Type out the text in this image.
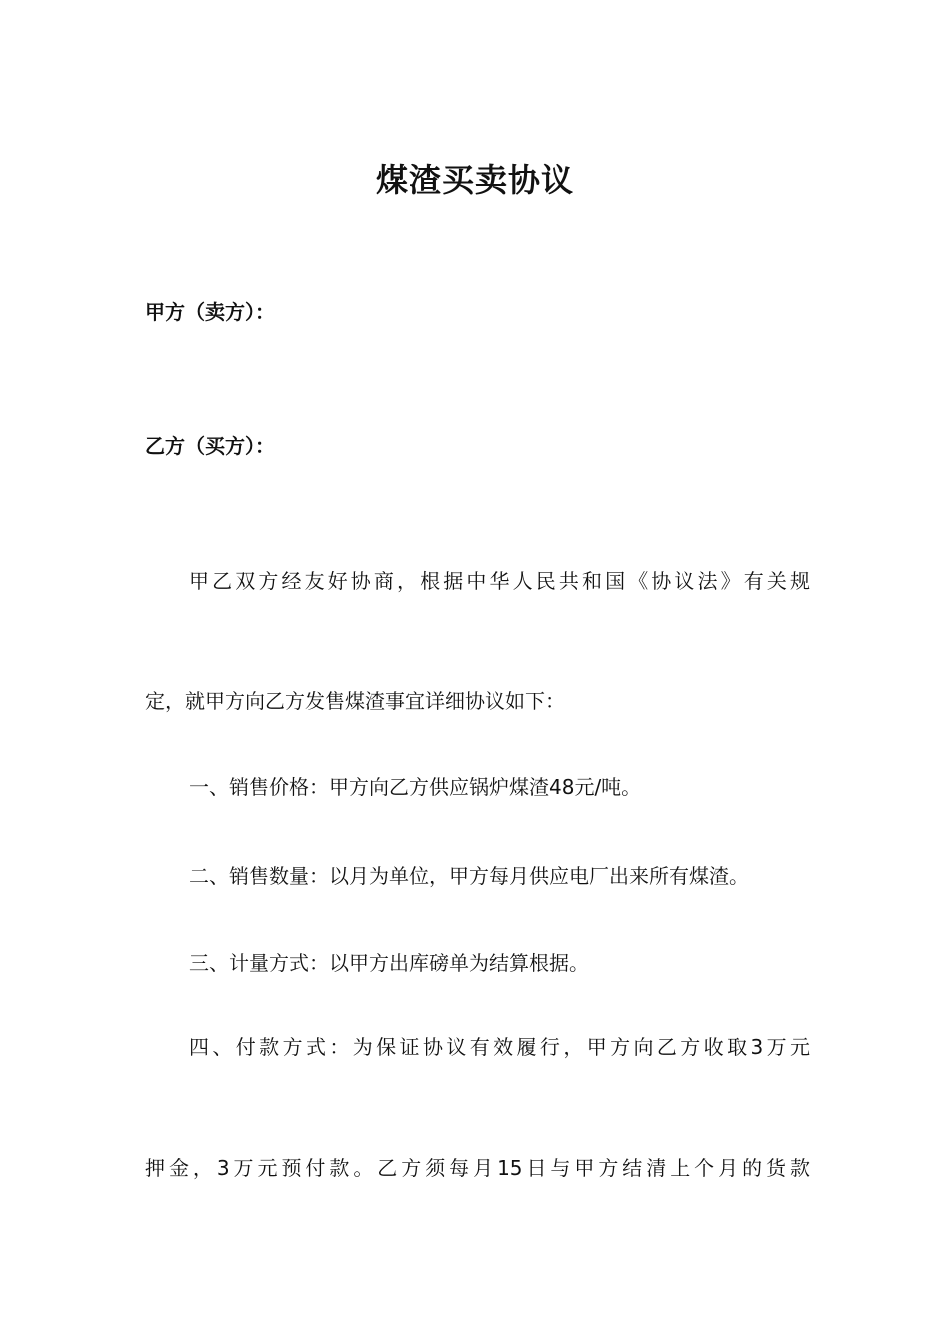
煤渣买卖协议
甲方（卖方）：
乙方（买方）：
甲乙双方经友好协商，根据中华人民共和国《协议法》有关规
定，就甲方向乙方发售煤渣事宜详细协议如下：
一、销售价格：甲方向乙方供应锅炉煤渣48元/吨。
二、销售数量：以月为单位，甲方每月供应电厂出来所有煤渣。
三、计量方式：以甲方出库磅单为结算根据。
四、付款方式：为保证协议有效履行，甲方向乙方收取3万元
押金，3万元预付款。乙方须每月15日与甲方结清上个月的货款
